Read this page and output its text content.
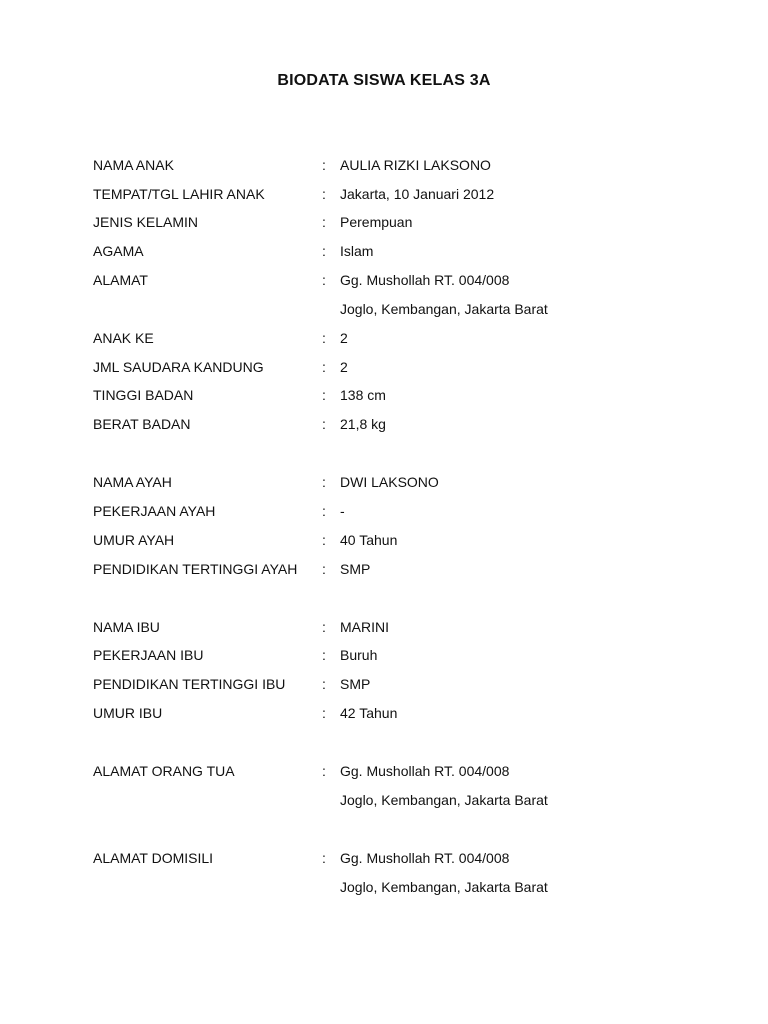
BIODATA SISWA KELAS 3A
NAMA ANAK	: AULIA RIZKI LAKSONO
TEMPAT/TGL LAHIR ANAK	: Jakarta, 10 Januari 2012
JENIS KELAMIN	: Perempuan
AGAMA	: Islam
ALAMAT	: Gg. Mushollah RT. 004/008
Joglo, Kembangan, Jakarta Barat
ANAK KE	: 2
JML SAUDARA KANDUNG	: 2
TINGGI BADAN	: 138 cm
BERAT BADAN	: 21,8 kg
NAMA AYAH	: DWI LAKSONO
PEKERJAAN AYAH	: -
UMUR AYAH	: 40 Tahun
PENDIDIKAN TERTINGGI AYAH : SMP
NAMA IBU	: MARINI
PEKERJAAN IBU	: Buruh
PENDIDIKAN TERTINGGI IBU	: SMP
UMUR IBU	: 42 Tahun
ALAMAT ORANG TUA	: Gg. Mushollah RT. 004/008
Joglo, Kembangan, Jakarta Barat
ALAMAT DOMISILI	: Gg. Mushollah RT. 004/008
Joglo, Kembangan, Jakarta Barat
